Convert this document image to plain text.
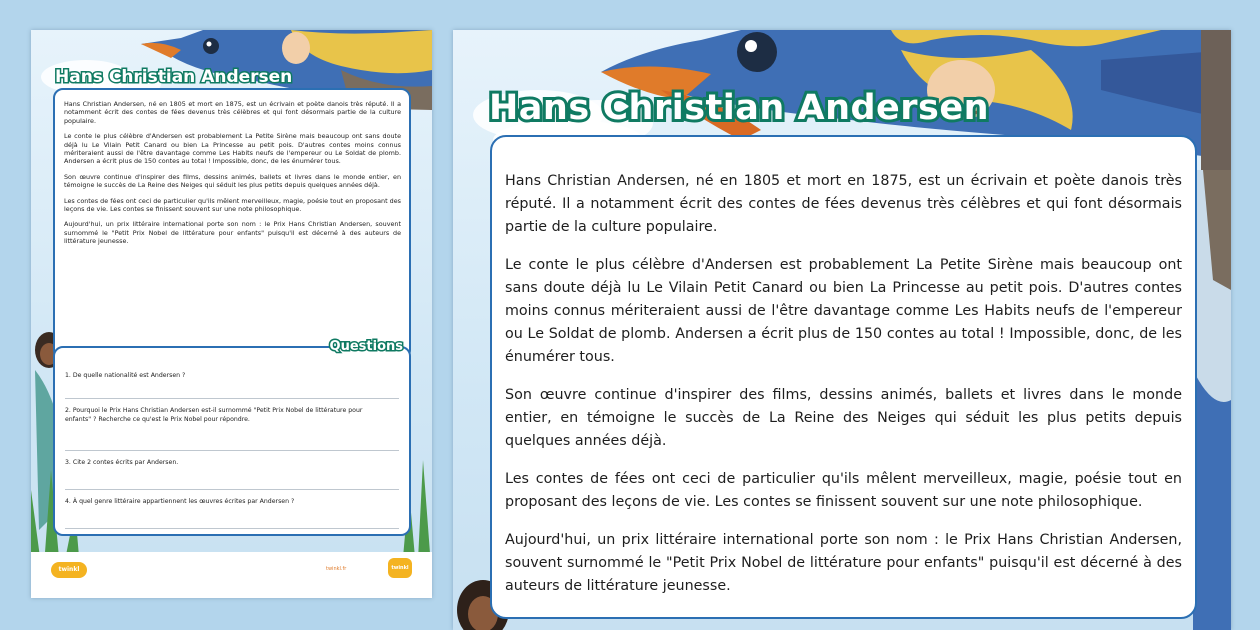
Hans Christian Andersen

Hans Christian Andersen, né en 1805 et mort en 1875, est un écrivain et poète danois très réputé. Il a notamment écrit des contes de fées devenus très célèbres et qui font désormais partie de la culture populaire.

Le conte le plus célèbre d'Andersen est probablement La Petite Sirène mais beaucoup ont sans doute déjà lu Le Vilain Petit Canard ou bien La Princesse au petit pois. D'autres contes moins connus mériteraient aussi de l'être davantage comme Les Habits neufs de l'empereur ou Le Soldat de plomb. Andersen a écrit plus de 150 contes au total ! Impossible, donc, de les énumérer tous.

Son œuvre continue d'inspirer des films, dessins animés, ballets et livres dans le monde entier, en témoigne le succès de La Reine des Neiges qui séduit les plus petits depuis quelques années déjà.

Les contes de fées ont ceci de particulier qu'ils mêlent merveilleux, magie, poésie tout en proposant des leçons de vie. Les contes se finissent souvent sur une note philosophique.

Aujourd'hui, un prix littéraire international porte son nom : le Prix Hans Christian Andersen, souvent surnommé le "Petit Prix Nobel de littérature pour enfants" puisqu'il est décerné à des auteurs de littérature jeunesse.

Questions
1. De quelle nationalité est Andersen ?
2. Pourquoi le Prix Hans Christian Andersen est-il surnommé "Petit Prix Nobel de littérature pour enfants" ? Recherche ce qu'est le Prix Nobel pour répondre.
3. Cite 2 contes écrits par Andersen.
4. À quel genre littéraire appartiennent les œuvres écrites par Andersen ?
twinkl	twinkl.fr	twinkl
Hans Christian Andersen

Hans Christian Andersen, né en 1805 et mort en 1875, est un écrivain et poète danois très réputé. Il a notamment écrit des contes de fées devenus très célèbres et qui font désormais partie de la culture populaire.

Le conte le plus célèbre d'Andersen est probablement La Petite Sirène mais beaucoup ont sans doute déjà lu Le Vilain Petit Canard ou bien La Princesse au petit pois. D'autres contes moins connus mériteraient aussi de l'être davantage comme Les Habits neufs de l'empereur ou Le Soldat de plomb. Andersen a écrit plus de 150 contes au total ! Impossible, donc, de les énumérer tous.

Son œuvre continue d'inspirer des films, dessins animés, ballets et livres dans le monde entier, en témoigne le succès de La Reine des Neiges qui séduit les plus petits depuis quelques années déjà.

Les contes de fées ont ceci de particulier qu'ils mêlent merveilleux, magie, poésie tout en proposant des leçons de vie. Les contes se finissent souvent sur une note philosophique.

Aujourd'hui, un prix littéraire international porte son nom : le Prix Hans Christian Andersen, souvent surnommé le "Petit Prix Nobel de littérature pour enfants" puisqu'il est décerné à des auteurs de littérature jeunesse.
